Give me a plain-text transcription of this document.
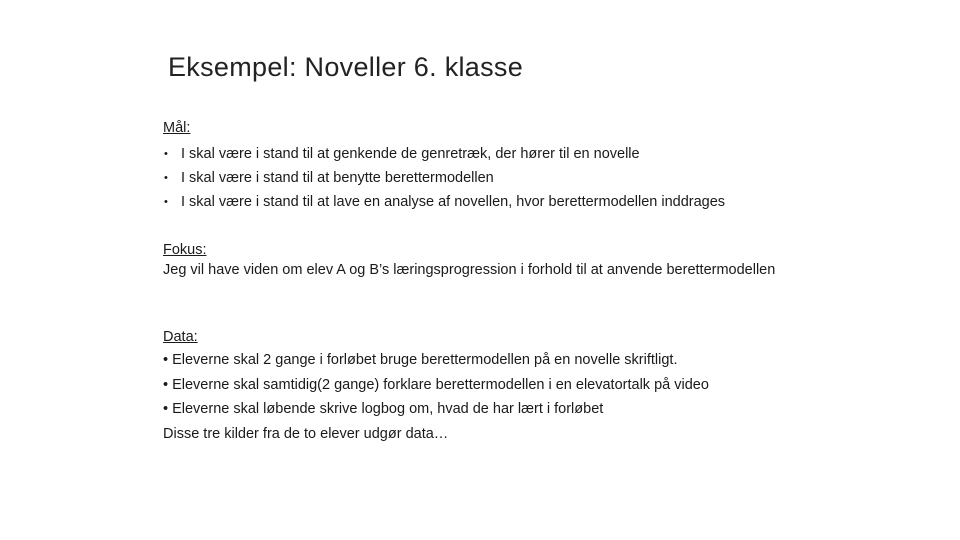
Eksempel: Noveller 6. klasse
Mål:
• I skal være i stand til at genkende de genretræk, der hører til en novelle
• I skal være i stand til at benytte berettermodellen
• I skal være i stand til at lave en analyse af novellen, hvor berettermodellen inddrages
Fokus:
Jeg vil have viden om elev A og B’s læringsprogression i forhold til at anvende berettermodellen
Data:
• Eleverne skal 2 gange i forløbet bruge berettermodellen på en novelle skriftligt.
• Eleverne skal samtidig(2 gange) forklare berettermodellen i en elevatortalk på video
• Eleverne skal løbende skrive logbog om, hvad de har lært i forløbet
Disse tre kilder fra de to elever udgør data…
